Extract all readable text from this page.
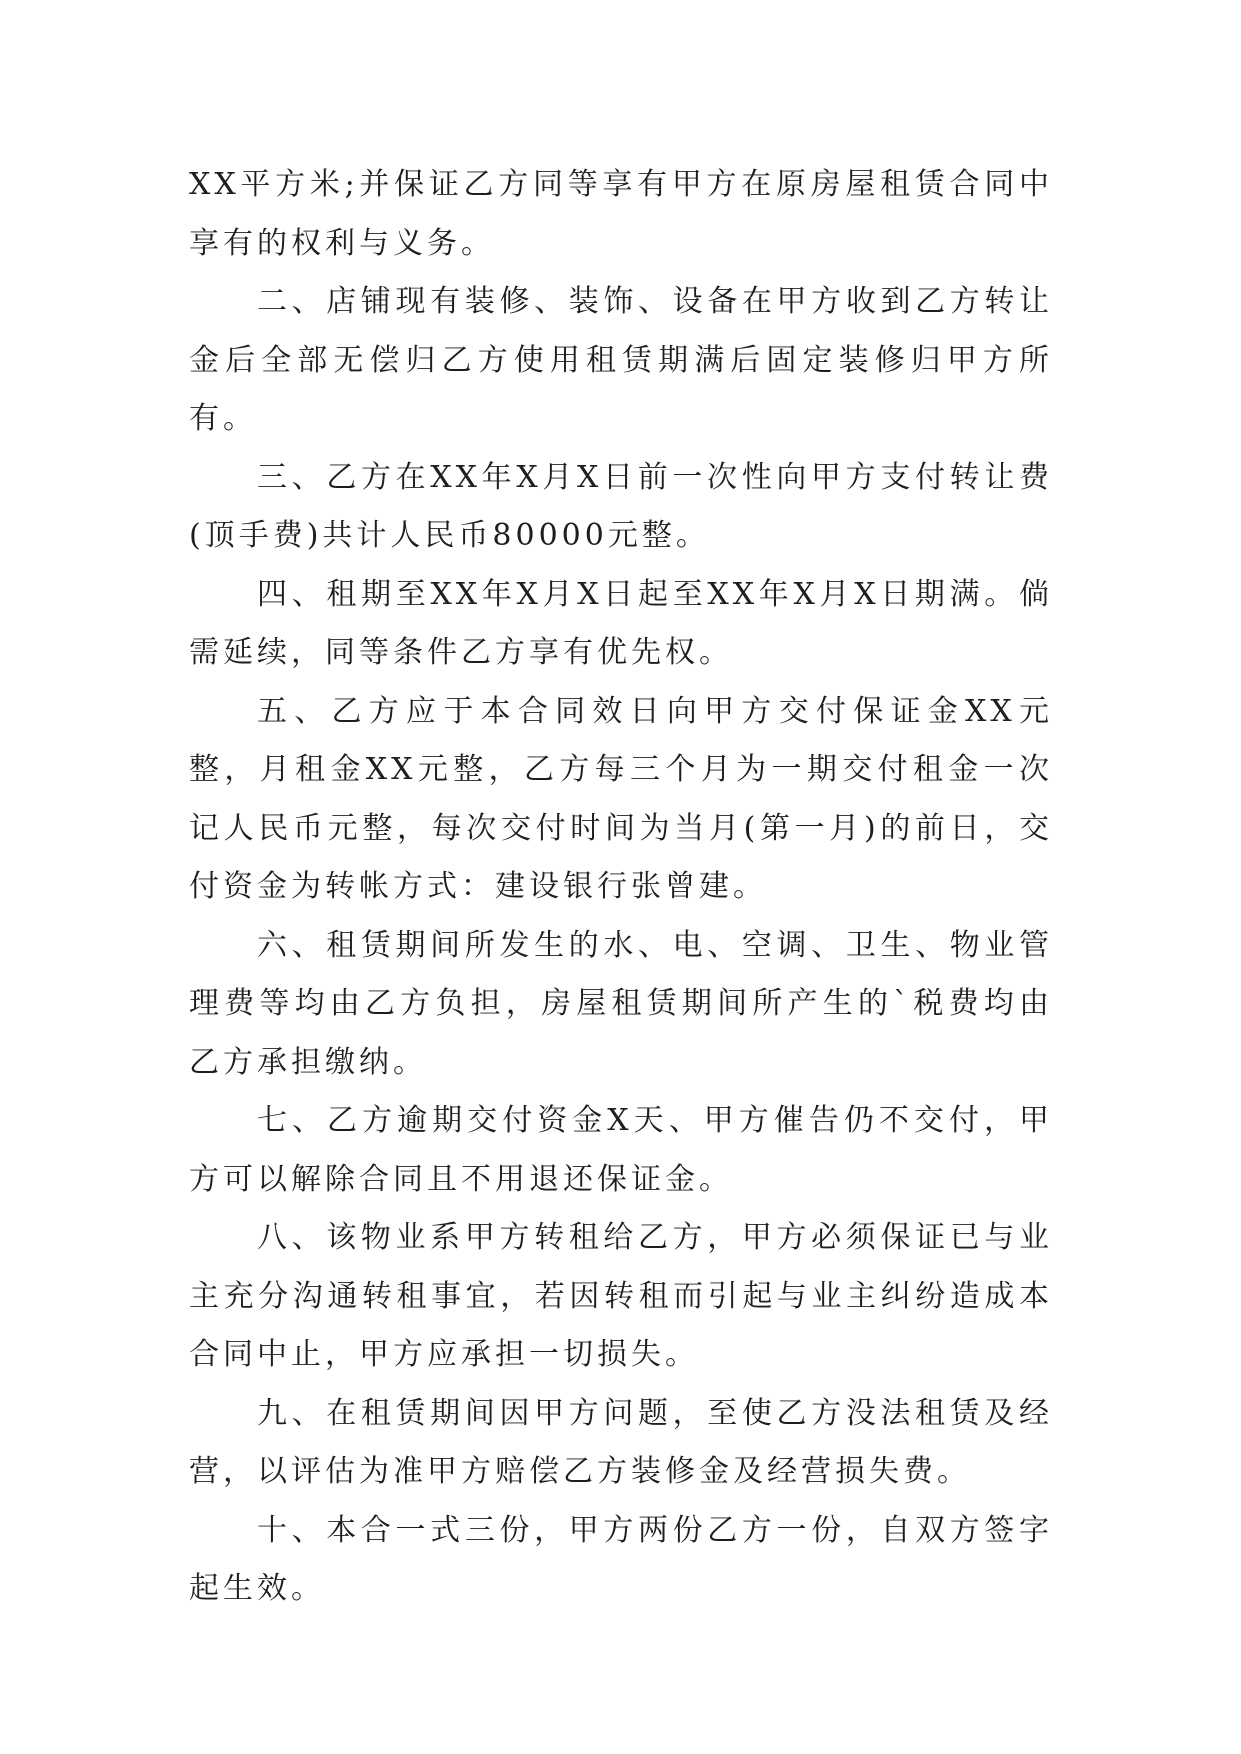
XX平方米;并保证乙方同等享有甲方在原房屋租赁合同中享有的权利与义务。

二、店铺现有装修、装饰、设备在甲方收到乙方转让金后全部无偿归乙方使用租赁期满后固定装修归甲方所有。

三、乙方在XX年X月X日前一次性向甲方支付转让费(顶手费)共计人民币80000元整。

四、租期至XX年X月X日起至XX年X月X日期满。倘需延续，同等条件乙方享有优先权。

五、乙方应于本合同效日向甲方交付保证金XX元整，月租金XX元整，乙方每三个月为一期交付租金一次记人民币元整，每次交付时间为当月(第一月)的前日，交付资金为转帐方式：建设银行张曾建。

六、租赁期间所发生的水、电、空调、卫生、物业管理费等均由乙方负担，房屋租赁期间所产生的`税费均由乙方承担缴纳。

七、乙方逾期交付资金X天、甲方催告仍不交付，甲方可以解除合同且不用退还保证金。

八、该物业系甲方转租给乙方，甲方必须保证已与业主充分沟通转租事宜，若因转租而引起与业主纠纷造成本合同中止，甲方应承担一切损失。

九、在租赁期间因甲方问题，至使乙方没法租赁及经营，以评估为准甲方赔偿乙方装修金及经营损失费。

十、本合一式三份，甲方两份乙方一份，自双方签字起生效。
